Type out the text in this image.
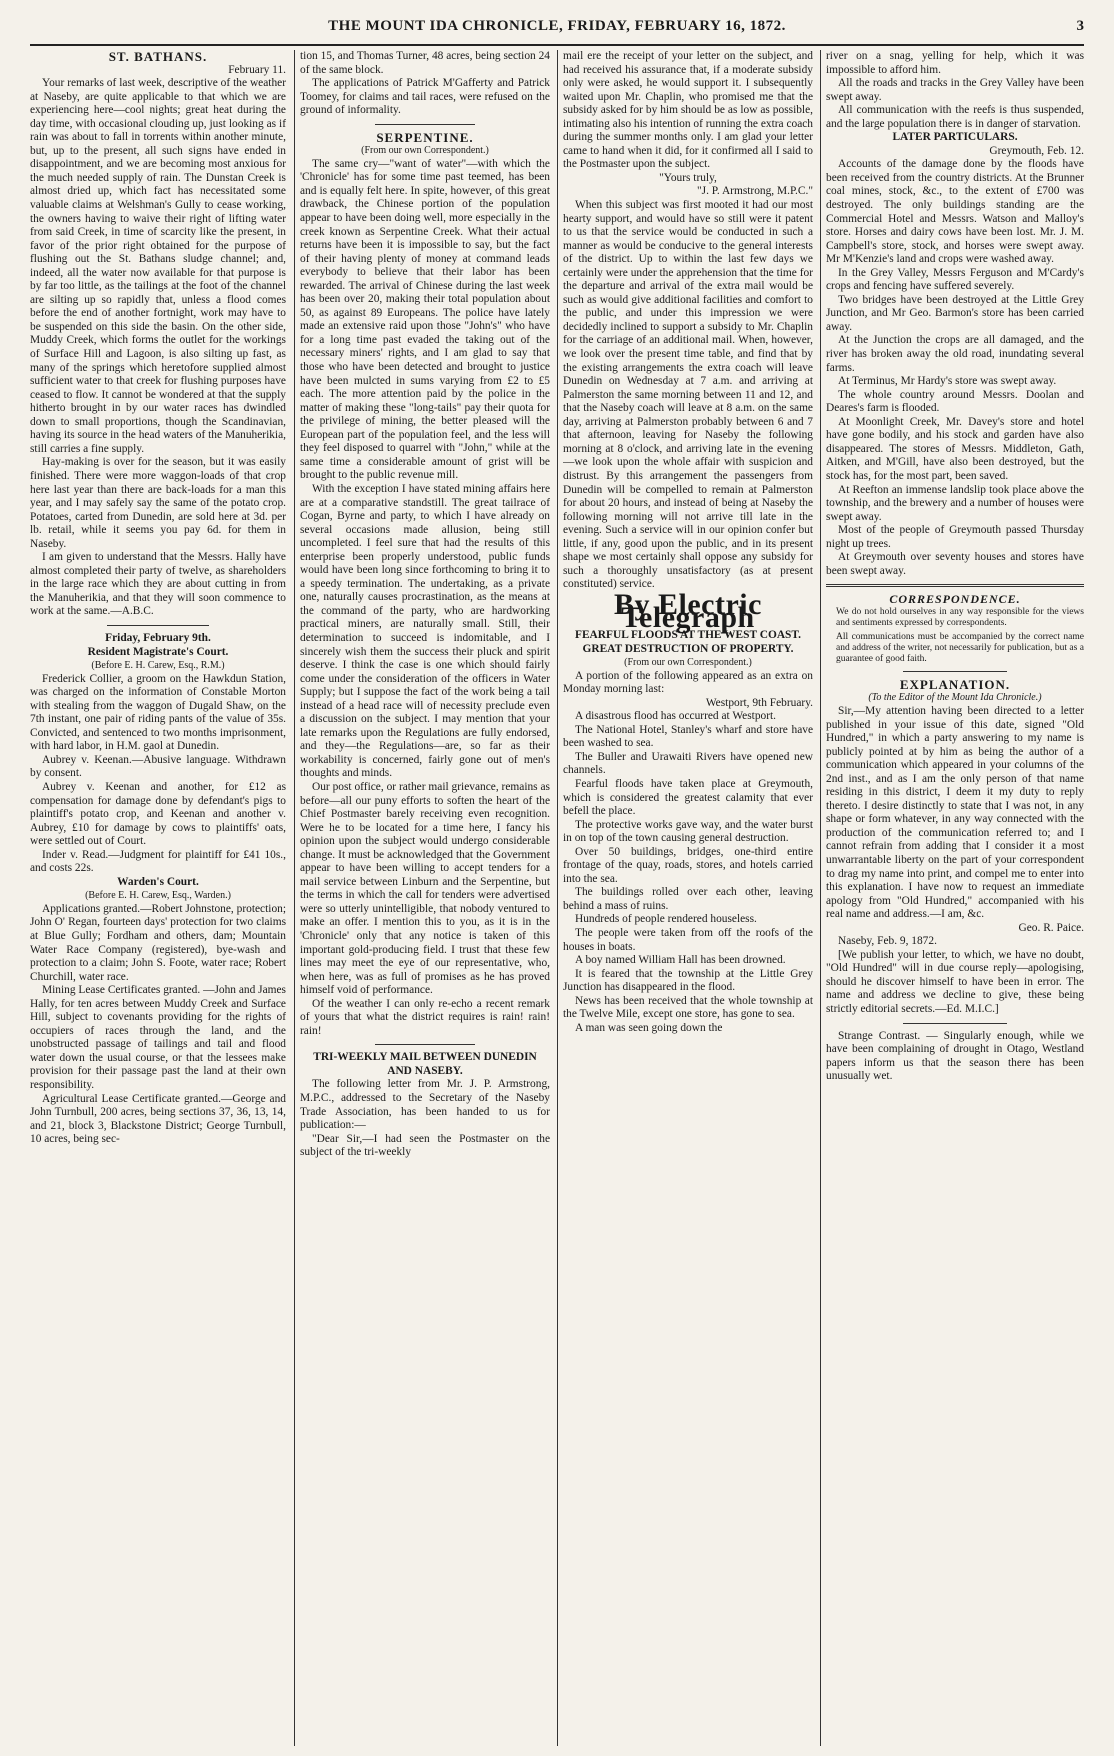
THE MOUNT IDA CHRONICLE, FRIDAY, FEBRUARY 16, 1872.	3

ST. BATHANS.

February 11.

Your remarks of last week, descriptive of the weather at Naseby, are quite applicable to that which we are experiencing here—cool nights; great heat during the day time, with occasional clouding up, just looking as if rain was about to fall in torrents within another minute, but, up to the present, all such signs have ended in disappointment, and we are becoming most anxious for the much needed supply of rain. The Dunstan Creek is almost dried up, which fact has necessitated some valuable claims at Welshman's Gully to cease working, the owners having to waive their right of lifting water from said Creek, in time of scarcity like the present, in favor of the prior right obtained for the purpose of flushing out the St. Bathans sludge channel; and, indeed, all the water now available for that purpose is by far too little, as the tailings at the foot of the channel are silting up so rapidly that, unless a flood comes before the end of another fortnight, work may have to be suspended on this side the basin. On the other side, Muddy Creek, which forms the outlet for the workings of Surface Hill and Lagoon, is also silting up fast, as many of the springs which heretofore supplied almost sufficient water to that creek for flushing purposes have ceased to flow. It cannot be wondered at that the supply hitherto brought in by our water races has dwindled down to small proportions, though the Scandinavian, having its source in the head waters of the Manuherikia, still carries a fine supply.

Hay-making is over for the season, but it was easily finished. There were more waggon-loads of that crop here last year than there are back-loads for a man this year, and I may safely say the same of the potato crop. Potatoes, carted from Dunedin, are sold here at 3d. per lb. retail, while it seems you pay 6d. for them in Naseby.

I am given to understand that the Messrs. Hally have almost completed their party of twelve, as shareholders in the large race which they are about cutting in from the Manuherikia, and that they will soon commence to work at the same.—A.B.C.

Friday, February 9th.

Resident Magistrate's Court.

(Before E. H. Carew, Esq., R.M.)

Frederick Collier, a groom on the Hawkdun Station, was charged on the information of Constable Morton with stealing from the waggon of Dugald Shaw, on the 7th instant, one pair of riding pants of the value of 35s. Convicted, and sentenced to two months imprisonment, with hard labor, in H.M. gaol at Dunedin.

Aubrey v. Keenan.—Abusive language. Withdrawn by consent.

Aubrey v. Keenan and another, for £12 as compensation for damage done by defendant's pigs to plaintiff's potato crop, and Keenan and another v. Aubrey, £10 for damage by cows to plaintiffs' oats, were settled out of Court.

Inder v. Read.—Judgment for plaintiff for £41 10s., and costs 22s.

Warden's Court.

(Before E. H. Carew, Esq., Warden.)

Applications granted.—Robert Johnstone, protection; John O' Regan, fourteen days' protection for two claims at Blue Gully; Fordham and others, dam; Mountain Water Race Company (registered), bye-wash and protection to a claim; John S. Foote, water race; Robert Churchill, water race.

Mining Lease Certificates granted. —John and James Hally, for ten acres between Muddy Creek and Surface Hill, subject to covenants providing for the rights of occupiers of races through the land, and the unobstructed passage of tailings and tail and flood water down the usual course, or that the lessees make provision for their passage past the land at their own responsibility.

Agricultural Lease Certificate granted.—George and John Turnbull, 200 acres, being sections 37, 36, 13, 14, and 21, block 3, Blackstone District; George Turnbull, 10 acres, being sec-

tion 15, and Thomas Turner, 48 acres, being section 24 of the same block.

The applications of Patrick M'Gafferty and Patrick Toomey, for claims and tail races, were refused on the ground of informality.

SERPENTINE.

(From our own Correspondent.)

The same cry—"want of water"—with which the 'Chronicle' has for some time past teemed, has been and is equally felt here. In spite, however, of this great drawback, the Chinese portion of the population appear to have been doing well, more especially in the creek known as Serpentine Creek. What their actual returns have been it is impossible to say, but the fact of their having plenty of money at command leads everybody to believe that their labor has been rewarded. The arrival of Chinese during the last week has been over 20, making their total population about 50, as against 89 Europeans. The police have lately made an extensive raid upon those "John's" who have for a long time past evaded the taking out of the necessary miners' rights, and I am glad to say that those who have been detected and brought to justice have been mulcted in sums varying from £2 to £5 each. The more attention paid by the police in the matter of making these "long-tails" pay their quota for the privilege of mining, the better pleased will the European part of the population feel, and the less will they feel disposed to quarrel with "John," while at the same time a considerable amount of grist will be brought to the public revenue mill.

With the exception I have stated mining affairs here are at a comparative standstill. The great tailrace of Cogan, Byrne and party, to which I have already on several occasions made allusion, being still uncompleted. I feel sure that had the results of this enterprise been properly understood, public funds would have been long since forthcoming to bring it to a speedy termination. The undertaking, as a private one, naturally causes procrastination, as the means at the command of the party, who are hardworking practical miners, are naturally small. Still, their determination to succeed is indomitable, and I sincerely wish them the success their pluck and spirit deserve. I think the case is one which should fairly come under the consideration of the officers in Water Supply; but I suppose the fact of the work being a tail instead of a head race will of necessity preclude even a discussion on the subject. I may mention that your late remarks upon the Regulations are fully endorsed, and they—the Regulations—are, so far as their workability is concerned, fairly gone out of men's thoughts and minds.

Our post office, or rather mail grievance, remains as before—all our puny efforts to soften the heart of the Chief Postmaster barely receiving even recognition. Were he to be located for a time here, I fancy his opinion upon the subject would undergo considerable change. It must be acknowledged that the Government appear to have been willing to accept tenders for a mail service between Linburn and the Serpentine, but the terms in which the call for tenders were advertised were so utterly unintelligible, that nobody ventured to make an offer. I mention this to you, as it is in the 'Chronicle' only that any notice is taken of this important gold-producing field. I trust that these few lines may meet the eye of our representative, who, when here, was as full of promises as he has proved himself void of performance.

Of the weather I can only re-echo a recent remark of yours that what the district requires is rain! rain! rain!

TRI-WEEKLY MAIL BETWEEN DUNEDIN AND NASEBY.

The following letter from Mr. J. P. Armstrong, M.P.C., addressed to the Secretary of the Naseby Trade Association, has been handed to us for publication:—

"Dear Sir,—I had seen the Postmaster on the subject of the tri-weekly

mail ere the receipt of your letter on the subject, and had received his assurance that, if a moderate subsidy only were asked, he would support it. I subsequently waited upon Mr. Chaplin, who promised me that the subsidy asked for by him should be as low as possible, intimating also his intention of running the extra coach during the summer months only. I am glad your letter came to hand when it did, for it confirmed all I said to the Postmaster upon the subject.

"Yours truly,

"J. P. Armstrong, M.P.C."

When this subject was first mooted it had our most hearty support, and would have so still were it patent to us that the service would be conducted in such a manner as would be conducive to the general interests of the district. Up to within the last few days we certainly were under the apprehension that the time for the departure and arrival of the extra mail would be such as would give additional facilities and comfort to the public, and under this impression we were decidedly inclined to support a subsidy to Mr. Chaplin for the carriage of an additional mail. When, however, we look over the present time table, and find that by the existing arrangements the extra coach will leave Dunedin on Wednesday at 7 a.m. and arriving at Palmerston the same morning between 11 and 12, and that the Naseby coach will leave at 8 a.m. on the same day, arriving at Palmerston probably between 6 and 7 that afternoon, leaving for Naseby the following morning at 8 o'clock, and arriving late in the evening—we look upon the whole affair with suspicion and distrust. By this arrangement the passengers from Dunedin will be compelled to remain at Palmerston for about 20 hours, and instead of being at Naseby the following morning will not arrive till late in the evening. Such a service will in our opinion confer but little, if any, good upon the public, and in its present shape we most certainly shall oppose any subsidy for such a thoroughly unsatisfactory (as at present constituted) service.

By Electric Telegraph

FEARFUL FLOODS AT THE WEST COAST.

GREAT DESTRUCTION OF PROPERTY.

(From our own Correspondent.)

A portion of the following appeared as an extra on Monday morning last:

Westport, 9th February.

A disastrous flood has occurred at Westport.

The National Hotel, Stanley's wharf and store have been washed to sea.

The Buller and Urawaiti Rivers have opened new channels.

Fearful floods have taken place at Greymouth, which is considered the greatest calamity that ever befell the place.

The protective works gave way, and the water burst in on top of the town causing general destruction.

Over 50 buildings, bridges, one-third entire frontage of the quay, roads, stores, and hotels carried into the sea.

The buildings rolled over each other, leaving behind a mass of ruins.

Hundreds of people rendered houseless.

The people were taken from off the roofs of the houses in boats.

A boy named William Hall has been drowned.

It is feared that the township at the Little Grey Junction has disappeared in the flood.

News has been received that the whole township at the Twelve Mile, except one store, has gone to sea.

A man was seen going down the

river on a snag, yelling for help, which it was impossible to afford him.

All the roads and tracks in the Grey Valley have been swept away.

All communication with the reefs is thus suspended, and the large population there is in danger of starvation.

LATER PARTICULARS.

Greymouth, Feb. 12.

Accounts of the damage done by the floods have been received from the country districts. At the Brunner coal mines, stock, &c., to the extent of £700 was destroyed. The only buildings standing are the Commercial Hotel and Messrs. Watson and Malloy's store. Horses and dairy cows have been lost. Mr. J. M. Campbell's store, stock, and horses were swept away. Mr M'Kenzie's land and crops were washed away.

In the Grey Valley, Messrs Ferguson and M'Cardy's crops and fencing have suffered severely.

Two bridges have been destroyed at the Little Grey Junction, and Mr Geo. Barmon's store has been carried away.

At the Junction the crops are all damaged, and the river has broken away the old road, inundating several farms.

At Terminus, Mr Hardy's store was swept away.

The whole country around Messrs. Doolan and Deares's farm is flooded.

At Moonlight Creek, Mr. Davey's store and hotel have gone bodily, and his stock and garden have also disappeared. The stores of Messrs. Middleton, Gath, Aitken, and M'Gill, have also been destroyed, but the stock has, for the most part, been saved.

At Reefton an immense landslip took place above the township, and the brewery and a number of houses were swept away.

Most of the people of Greymouth passed Thursday night up trees.

At Greymouth over seventy houses and stores have been swept away.

CORRESPONDENCE.

We do not hold ourselves in any way responsible for the views and sentiments expressed by correspondents.

All communications must be accompanied by the correct name and address of the writer, not necessarily for publication, but as a guarantee of good faith.

EXPLANATION.

(To the Editor of the Mount Ida Chronicle.)

Sir,—My attention having been directed to a letter published in your issue of this date, signed "Old Hundred," in which a party answering to my name is publicly pointed at by him as being the author of a communication which appeared in your columns of the 2nd inst., and as I am the only person of that name residing in this district, I deem it my duty to reply thereto. I desire distinctly to state that I was not, in any shape or form whatever, in any way connected with the production of the communication referred to; and I cannot refrain from adding that I consider it a most unwarrantable liberty on the part of your correspondent to drag my name into print, and compel me to enter into this explanation. I have now to request an immediate apology from "Old Hundred," accompanied with his real name and address.—I am, &c.

Geo. R. Paice.

Naseby, Feb. 9, 1872.

[We publish your letter, to which, we have no doubt, "Old Hundred" will in due course reply—apologising, should he discover himself to have been in error. The name and address we decline to give, these being strictly editorial secrets.—Ed. M.I.C.]

Strange Contrast. — Singularly enough, while we have been complaining of drought in Otago, Westland papers inform us that the season there has been unusually wet.
